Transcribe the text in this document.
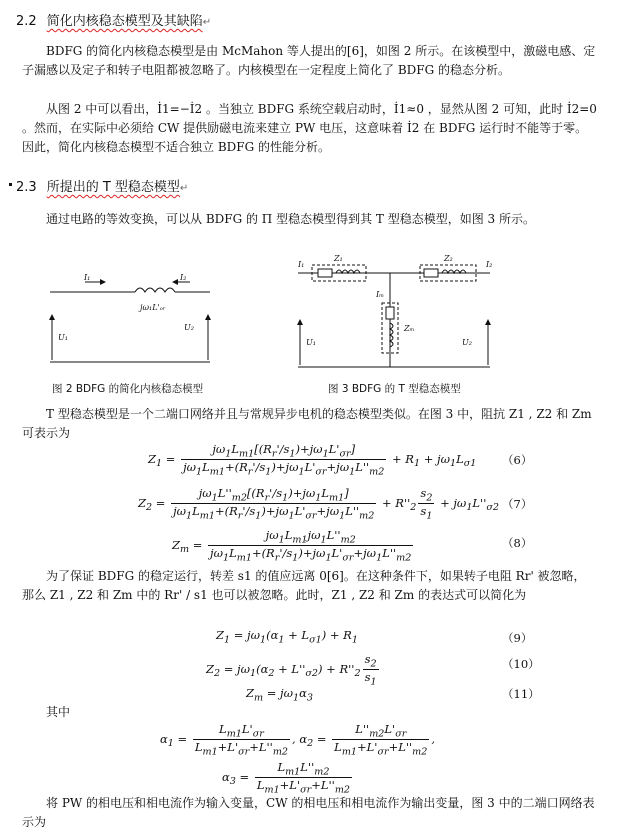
2.2 简化内核稳态模型及其缺陷↵
BDFG 的简化内核稳态模型是由 McMahon 等人提出的[6]，如图 2 所示。在该模型中，激磁电感、定子漏感以及定子和转子电阻都被忽略了。内核模型在一定程度上简化了 BDFG 的稳态分析。
从图 2 中可以看出，İ1=−İ2 。当独立 BDFG 系统空载启动时，İ1≈0 ，显然从图 2 可知，此时 İ2=0 。然而，在实际中必须给 CW 提供励磁电流来建立 PW 电压，这意味着 İ2 在 BDFG 运行时不能等于零。因此，简化内核稳态模型不适合独立 BDFG 的性能分析。
2.3 所提出的 T 型稳态模型↵
通过电路的等效变换，可以从 BDFG 的 Π 型稳态模型得到其 T 型稳态模型，如图 3 所示。
I₁	I₂
jω₁L'ₒᵣ
U₁
U₂
图 2 BDFG 的简化内核稳态模型
I₁	I₂
Z₁	Z₂
Iₘ
Zₘ
U₁	U₂
图 3 BDFG 的 T 型稳态模型
T 型稳态模型是一个二端口网络并且与常规异步电机的稳态模型类似。在图 3 中，阻抗 Z1 , Z2 和 Zm 可表示为
$Z_1 = \frac{j\omega_1L_{m1}[(R_r'/s_1)+j\omega_1L'_{\sigma r}]}{j\omega_1L_{m1}+(R_r'/s_1)+j\omega_1L'_{\sigma r}+j\omega_1L''_{m2}} + R_1 + j\omega_1L_{\sigma 1}$ （6）
$Z_2 = \frac{j\omega_1L''_{m2}[(R_r'/s_1)+j\omega_1L_{m1}]}{j\omega_1L_{m1}+(R_r'/s_1)+j\omega_1L'_{\sigma r}+j\omega_1L''_{m2}} + R''_2 \frac{s_2}{s_1} + j\omega_1L''_{\sigma 2}$ （7）
$Z_m = \frac{j\omega_1L_{m1}j\omega_1L''_{m2}}{j\omega_1L_{m1}+(R_r'/s_1)+j\omega_1L'_{\sigma r}+j\omega_1L''_{m2}}$	（8）
为了保证 BDFG 的稳定运行，转差 s1 的值应远离 0[6]。在这种条件下，如果转子电阻 Rr' 被忽略，那么 Z1 , Z2 和 Zm 中的 Rr' / s1 也可以被忽略。此时，Z1 , Z2 和 Zm 的表达式可以简化为
$Z_1 = j\omega_1(\alpha_1 + L_{\sigma 1}) + R_1$	（9）
$Z_2 = j\omega_1(\alpha_2 + L''_{\sigma 2}) + R''_2 \frac{s_2}{s_1}$	（10）
$Z_m = j\omega_1\alpha_3$	（11）
其中
$\alpha_1 = \frac{L_{m1}L'_{\sigma r}}{L_{m1}+L'_{\sigma r}+L''_{m2}}$ , $\alpha_2 = \frac{L''_{m2}L'_{\sigma r}}{L_{m1}+L'_{\sigma r}+L''_{m2}}$ ,
$\alpha_3 = \frac{L_{m1}L''_{m2}}{L_{m1}+L'_{\sigma r}+L''_{m2}}$
将 PW 的相电压和相电流作为输入变量，CW 的相电压和相电流作为输出变量，图 3 中的二端口网络表示为
